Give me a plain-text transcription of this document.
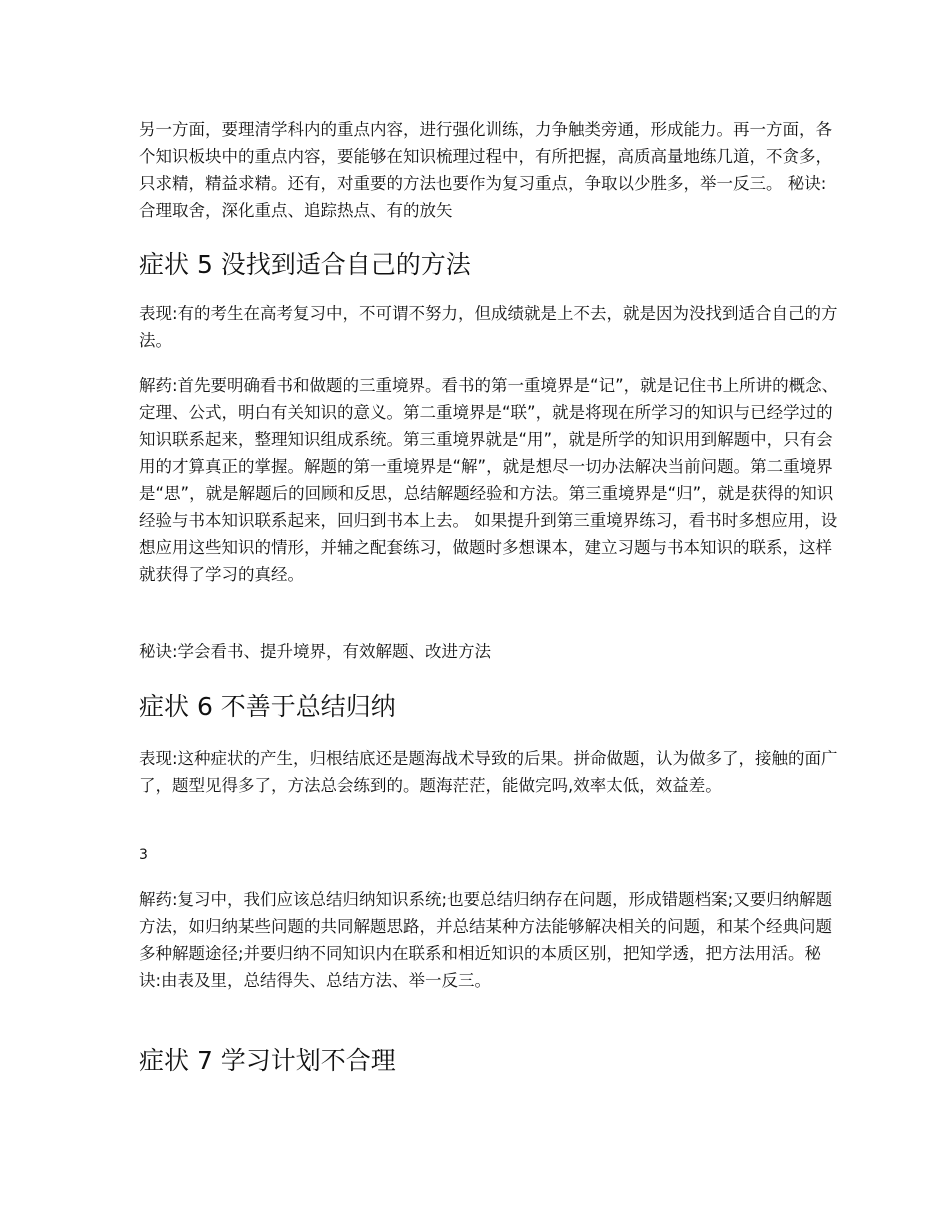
另一方面，要理清学科内的重点内容，进行强化训练，力争触类旁通，形成能力。再一方面，各个知识板块中的重点内容，要能够在知识梳理过程中，有所把握，高质高量地练几道，不贪多，只求精，精益求精。还有，对重要的方法也要作为复习重点，争取以少胜多，举一反三。 秘诀:合理取舍，深化重点、追踪热点、有的放矢

症状 5 没找到适合自己的方法

表现:有的考生在高考复习中，不可谓不努力，但成绩就是上不去，就是因为没找到适合自己的方法。

解药:首先要明确看书和做题的三重境界。看书的第一重境界是“记”，就是记住书上所讲的概念、定理、公式，明白有关知识的意义。第二重境界是“联”，就是将现在所学习的知识与已经学过的知识联系起来，整理知识组成系统。第三重境界就是“用”，就是所学的知识用到解题中，只有会用的才算真正的掌握。解题的第一重境界是“解”，就是想尽一切办法解决当前问题。第二重境界是“思”，就是解题后的回顾和反思，总结解题经验和方法。第三重境界是“归”，就是获得的知识经验与书本知识联系起来，回归到书本上去。 如果提升到第三重境界练习，看书时多想应用，设想应用这些知识的情形，并辅之配套练习，做题时多想课本，建立习题与书本知识的联系，这样就获得了学习的真经。

秘诀:学会看书、提升境界，有效解题、改进方法

症状 6 不善于总结归纳

表现:这种症状的产生，归根结底还是题海战术导致的后果。拼命做题，认为做多了，接触的面广了，题型见得多了，方法总会练到的。题海茫茫，能做完吗,效率太低，效益差。

3

解药:复习中，我们应该总结归纳知识系统;也要总结归纳存在问题，形成错题档案;又要归纳解题方法，如归纳某些问题的共同解题思路，并总结某种方法能够解决相关的问题，和某个经典问题多种解题途径;并要归纳不同知识内在联系和相近知识的本质区别，把知学透，把方法用活。秘诀:由表及里，总结得失、总结方法、举一反三。

症状 7 学习计划不合理
